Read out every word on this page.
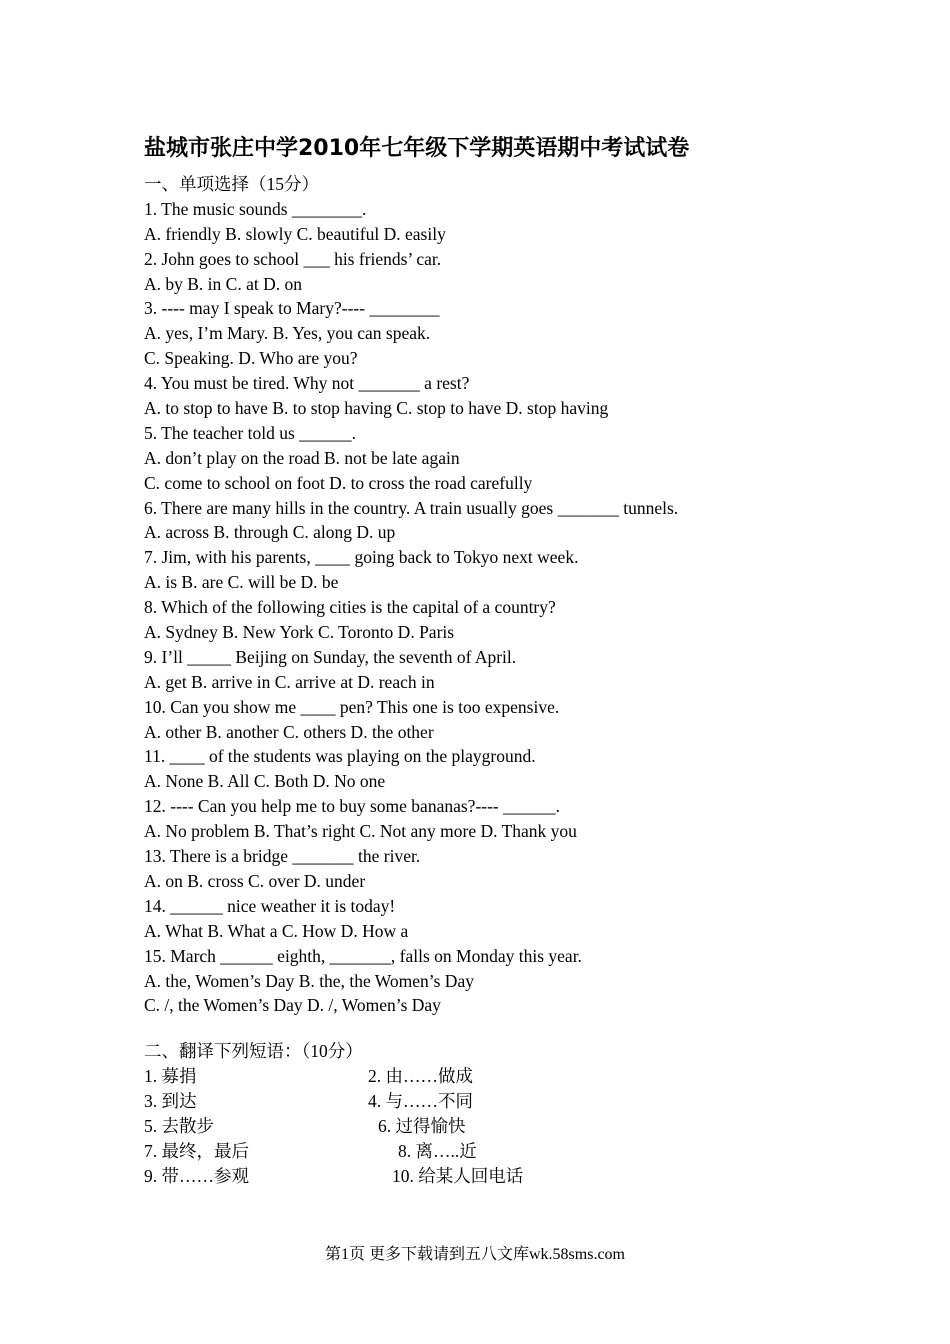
盐城市张庄中学2010年七年级下学期英语期中考试试卷
一、单项选择（15分）
1. The music sounds ________.
A. friendly B. slowly C. beautiful D. easily
2. John goes to school ___ his friends’ car.
A. by B. in C. at D. on
3. ---- may I speak to Mary?---- ________
A. yes, I’m Mary. B. Yes, you can speak.
C. Speaking. D. Who are you?
4. You must be tired. Why not _______ a rest?
A. to stop to have B. to stop having C. stop to have D. stop having
5. The teacher told us ______.
A. don’t play on the road B. not be late again
C. come to school on foot D. to cross the road carefully
6. There are many hills in the country. A train usually goes _______ tunnels.
A. across B. through C. along D. up
7. Jim, with his parents, ____ going back to Tokyo next week.
A. is B. are C. will be D. be
8. Which of the following cities is the capital of a country?
A. Sydney B. New York C. Toronto D. Paris
9. I’ll _____ Beijing on Sunday, the seventh of April.
A. get B. arrive in C. arrive at D. reach in
10. Can you show me ____ pen? This one is too expensive.
A. other B. another C. others D. the other
11. ____ of the students was playing on the playground.
A. None B. All C. Both D. No one
12. ---- Can you help me to buy some bananas?---- ______.
A. No problem B. That’s right C. Not any more D. Thank you
13. There is a bridge _______ the river.
A. on B. cross C. over D. under
14. ______ nice weather it is today!
A. What B. What a C. How D. How a
15. March ______ eighth, _______, falls on Monday this year.
A. the, Women’s Day B. the, the Women’s Day
C. /, the Women’s Day D. /, Women’s Day
二、翻译下列短语：（10分）
1. 募捐	2. 由……做成
3. 到达	4. 与……不同
5. 去散步	6. 过得愉快
7. 最终，最后	8. 离…..近
9. 带……参观	10. 给某人回电话
第1页 更多下载请到五八文库wk.58sms.com
